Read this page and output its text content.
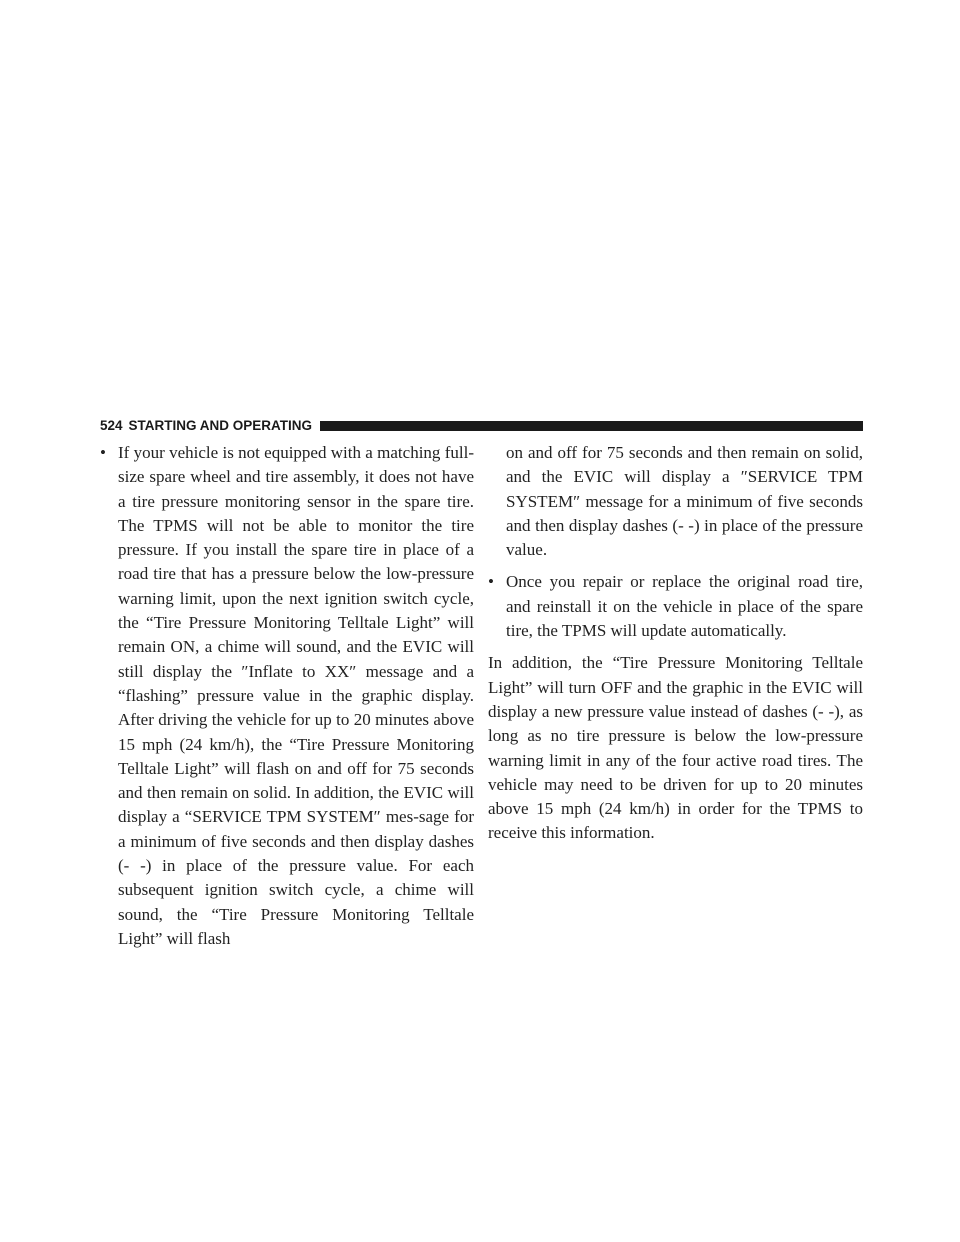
524 STARTING AND OPERATING
• If your vehicle is not equipped with a matching full-size spare wheel and tire assembly, it does not have a tire pressure monitoring sensor in the spare tire. The TPMS will not be able to monitor the tire pressure. If you install the spare tire in place of a road tire that has a pressure below the low-pressure warning limit, upon the next ignition switch cycle, the “Tire Pressure Monitoring Telltale Light” will remain ON, a chime will sound, and the EVIC will still display the ″Inflate to XX″ message and a “flashing” pressure value in the graphic display. After driving the vehicle for up to 20 minutes above 15 mph (24 km/h), the “Tire Pressure Monitoring Telltale Light” will flash on and off for 75 seconds and then remain on solid. In addition, the EVIC will display a “SERVICE TPM SYSTEM″ mes-sage for a minimum of five seconds and then display dashes (- -) in place of the pressure value. For each subsequent ignition switch cycle, a chime will sound, the “Tire Pressure Monitoring Telltale Light” will flash

on and off for 75 seconds and then remain on solid, and the EVIC will display a ″SERVICE TPM SYSTEM″ message for a minimum of five seconds and then display dashes (- -) in place of the pressure value.

• Once you repair or replace the original road tire, and reinstall it on the vehicle in place of the spare tire, the TPMS will update automatically.

In addition, the “Tire Pressure Monitoring Telltale Light” will turn OFF and the graphic in the EVIC will display a new pressure value instead of dashes (- -), as long as no tire pressure is below the low-pressure warning limit in any of the four active road tires. The vehicle may need to be driven for up to 20 minutes above 15 mph (24 km/h) in order for the TPMS to receive this information.
